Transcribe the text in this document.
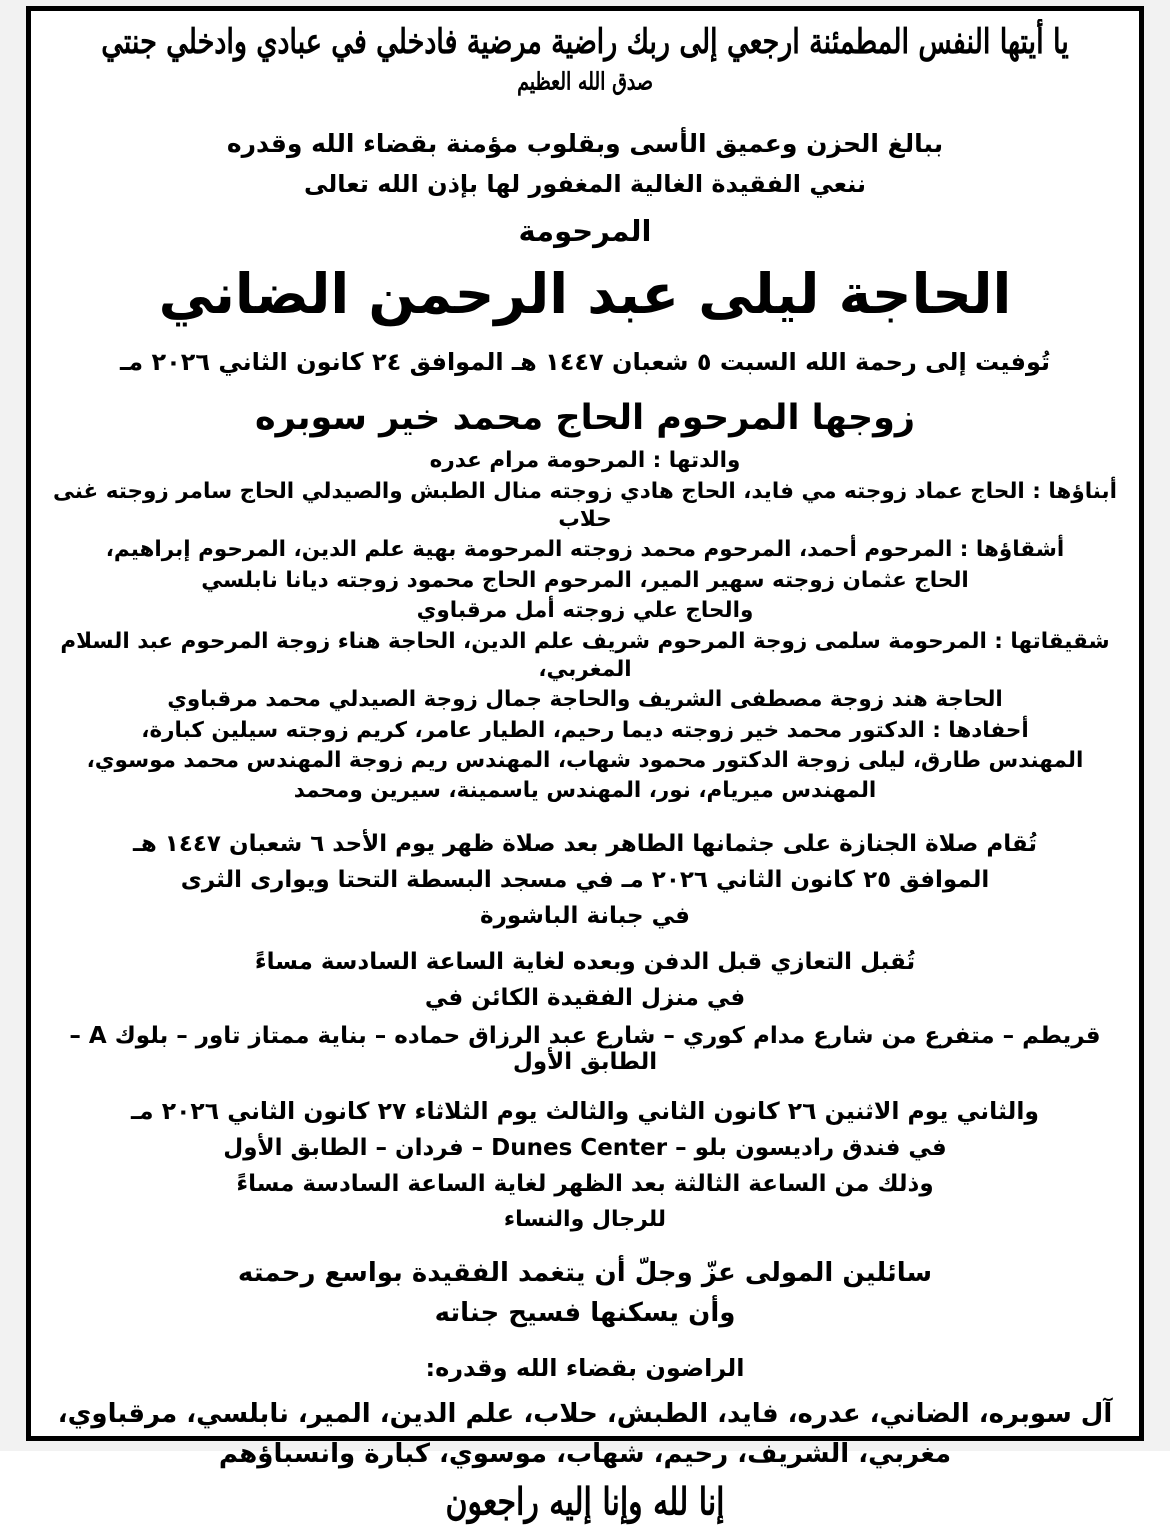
يا أيتها النفس المطمئنة ارجعي إلى ربك راضية مرضية فادخلي في عبادي وادخلي جنتي
صدق الله العظيم
ببالغ الحزن وعميق الأسى وبقلوب مؤمنة بقضاء الله وقدره
ننعي الفقيدة الغالية المغفور لها بإذن الله تعالى
المرحومة
الحاجة ليلى عبد الرحمن الضاني
تُوفيت إلى رحمة الله السبت ٥ شعبان ١٤٤٧ هـ الموافق ٢٤ كانون الثاني ٢٠٢٦ مـ
زوجها المرحوم الحاج محمد خير سوبره
والدتها : المرحومة مرام عدره
أبناؤها : الحاج عماد زوجته مي فايد، الحاج هادي زوجته منال الطبش والصيدلي الحاج سامر زوجته غنى حلاب
أشقاؤها : المرحوم أحمد، المرحوم محمد زوجته المرحومة بهية علم الدين، المرحوم إبراهيم،
الحاج عثمان زوجته سهير المير، المرحوم الحاج محمود زوجته ديانا نابلسي
والحاج علي زوجته أمل مرقباوي
شقيقاتها : المرحومة سلمى زوجة المرحوم شريف علم الدين، الحاجة هناء زوجة المرحوم عبد السلام المغربي،
الحاجة هند زوجة مصطفى الشريف والحاجة جمال زوجة الصيدلي محمد مرقباوي
أحفادها : الدكتور محمد خير زوجته ديما رحيم، الطيار عامر، كريم زوجته سيلين كبارة،
المهندس طارق، ليلى زوجة الدكتور محمود شهاب، المهندس ريم زوجة المهندس محمد موسوي،
المهندس ميريام، نور، المهندس ياسمينة، سيرين ومحمد
تُقام صلاة الجنازة على جثمانها الطاهر بعد صلاة ظهر يوم الأحد ٦ شعبان ١٤٤٧ هـ
الموافق ٢٥ كانون الثاني ٢٠٢٦ مـ في مسجد البسطة التحتا ويوارى الثرى
في جبانة الباشورة
تُقبل التعازي قبل الدفن وبعده لغاية الساعة السادسة مساءً
في منزل الفقيدة الكائن في
قريطم – متفرع من شارع مدام كوري – شارع عبد الرزاق حماده – بناية ممتاز تاور – بلوك A – الطابق الأول
والثاني يوم الاثنين ٢٦ كانون الثاني والثالث يوم الثلاثاء ٢٧ كانون الثاني ٢٠٢٦ مـ
في فندق راديسون بلو – Dunes Center – فردان – الطابق الأول
وذلك من الساعة الثالثة بعد الظهر لغاية الساعة السادسة مساءً
للرجال والنساء
سائلين المولى عزّ وجلّ أن يتغمد الفقيدة بواسع رحمته
وأن يسكنها فسيح جناته
الراضون بقضاء الله وقدره:
آل سوبره، الضاني، عدره، فايد، الطبش، حلاب، علم الدين، المير، نابلسي، مرقباوي،
مغربي، الشريف، رحيم، شهاب، موسوي، كبارة وانسباؤهم
إنا لله وإنا إليه راجعون
